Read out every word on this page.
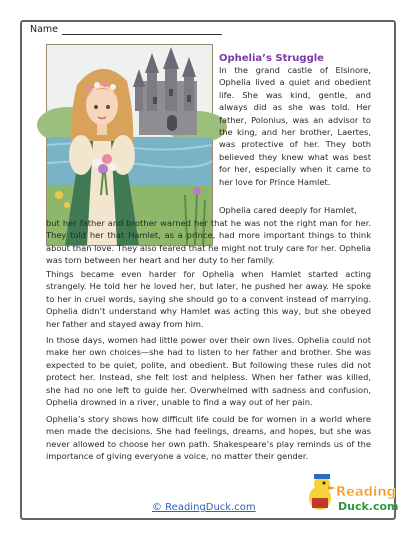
Name
Ophelia’s Struggle

In the grand castle of Elsinore, Ophelia lived a quiet and obedient life. She was kind, gentle, and always did as she was told. Her father, Polonius, was an advisor to the king, and her brother, Laertes, was protective of her. They both believed they knew what was best for her, especially when it came to her love for Prince Hamlet.

Ophelia cared deeply for Hamlet,

but her father and brother warned her that he was not the right man for her. They told her that Hamlet, as a prince, had more important things to think about than love. They also feared that he might not truly care for her. Ophelia was torn between her heart and her duty to her family.

Things became even harder for Ophelia when Hamlet started acting strangely. He told her he loved her, but later, he pushed her away. He spoke to her in cruel words, saying she should go to a convent instead of marrying. Ophelia didn’t understand why Hamlet was acting this way, but she obeyed her father and stayed away from him.

In those days, women had little power over their own lives. Ophelia could not make her own choices—she had to listen to her father and brother. She was expected to be quiet, polite, and obedient. But following these rules did not protect her. Instead, she felt lost and helpless. When her father was killed, she had no one left to guide her. Overwhelmed with sadness and confusion, Ophelia drowned in a river, unable to find a way out of her pain.

Ophelia’s story shows how difficult life could be for women in a world where men made the decisions. She had feelings, dreams, and hopes, but she was never allowed to choose her own path. Shakespeare’s play reminds us of the importance of giving everyone a voice, no matter their gender.

© ReadingDuck.com
Reading
Duck.com
